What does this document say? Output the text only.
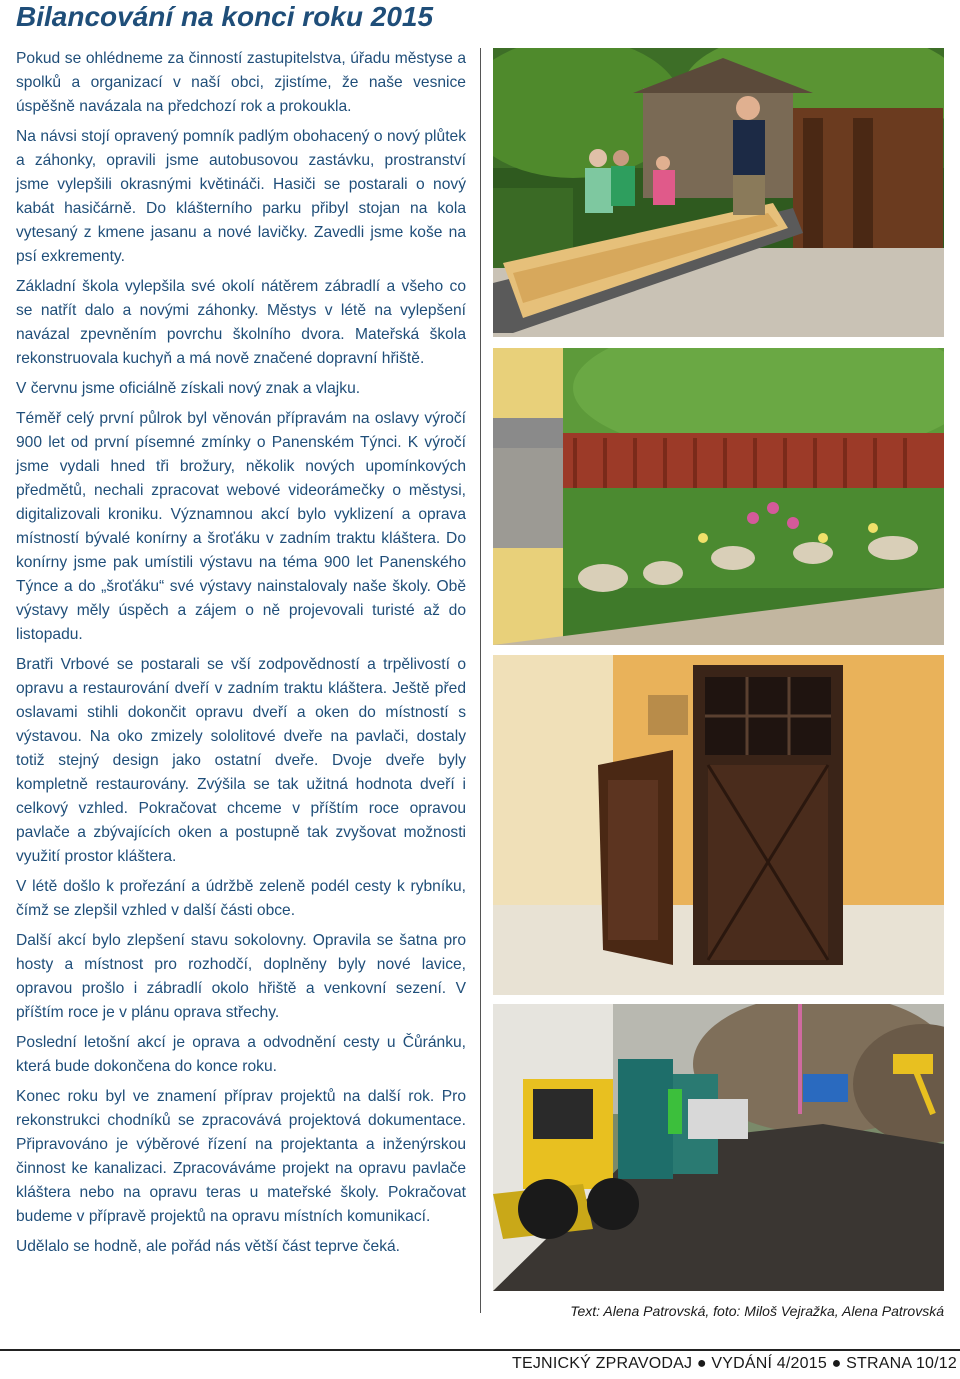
Bilancování na konci roku 2015

Pokud se ohlédneme za činností zastupitelstva, úřadu městyse a spolků a organizací v naší obci, zjistíme, že naše vesnice úspěšně navázala na předchozí rok a prokoukla.

Na návsi stojí opravený pomník padlým obohacený o nový plůtek a záhonky, opravili jsme autobusovou zastávku, prostranství jsme vylepšili okrasnými květináči. Hasiči se postarali o nový kabát hasičárně. Do klášterního parku přibyl stojan na kola vytesaný z kmene jasanu a nové lavičky. Zavedli jsme koše na psí exkrementy.

Základní škola vylepšila své okolí nátěrem zábradlí a všeho co se natřít dalo a novými záhonky. Městys v létě na vylepšení navázal zpevněním povrchu školního dvora. Mateřská škola rekonstruovala kuchyň a má nově značené dopravní hřiště.

V červnu jsme oficiálně získali nový znak a vlajku.

Téměř celý první půlrok byl věnován přípravám na oslavy výročí 900 let od první písemné zmínky o Panenském Týnci. K výročí jsme vydali hned tři brožury, několik nových upomínkových předmětů, nechali zpracovat webové videorámečky o městysi, digitalizovali kroniku. Významnou akcí bylo vyklizení a oprava místností bývalé konírny a šroťáku v zadním traktu kláštera. Do konírny jsme pak umístili výstavu na téma 900 let Panenského Týnce a do „šroťáku“ své výstavy nainstalovaly naše školy. Obě výstavy měly úspěch a zájem o ně projevovali turisté až do listopadu.

Bratři Vrbové se postarali se vší zodpovědností a trpělivostí o opravu a restaurování dveří v zadním traktu kláštera. Ještě před oslavami stihli dokončit opravu dveří a oken do místností s výstavou. Na oko zmizely sololitové dveře na pavlači, dostaly totiž stejný design jako ostatní dveře. Dvoje dveře byly kompletně restaurovány. Zvýšila se tak užitná hodnota dveří i celkový vzhled. Pokračovat chceme v příštím roce opravou pavlače a zbývajících oken a postupně tak zvyšovat možnosti využití prostor kláštera.

V létě došlo k prořezání a údržbě zeleně podél cesty k rybníku, čímž se zlepšil vzhled v další části obce.

Další akcí bylo zlepšení stavu sokolovny. Opravila se šatna pro hosty a místnost pro rozhodčí, doplněny byly nové lavice, opravou prošlo i zábradlí okolo hřiště a venkovní sezení. V příštím roce je v plánu oprava střechy.

Poslední letošní akcí je oprava a odvodnění cesty u Čůránku, která bude dokončena do konce roku.

Konec roku byl ve znamení příprav projektů na další rok. Pro rekonstrukci chodníků se zpracovává projektová dokumentace. Připravováno je výběrové řízení na projektanta a inženýrskou činnost ke kanalizaci. Zpracováváme projekt na opravu pavlače kláštera nebo na opravu teras u mateřské školy. Pokračovat budeme v přípravě projektů na opravu místních komunikací.

Udělalo se hodně, ale pořád nás větší část teprve čeká.

Text: Alena Patrovská, foto: Miloš Vejražka, Alena Patrovská
TEJNICKÝ ZPRAVODAJ ● VYDÁNÍ 4/2015 ● STRANA 10/12
